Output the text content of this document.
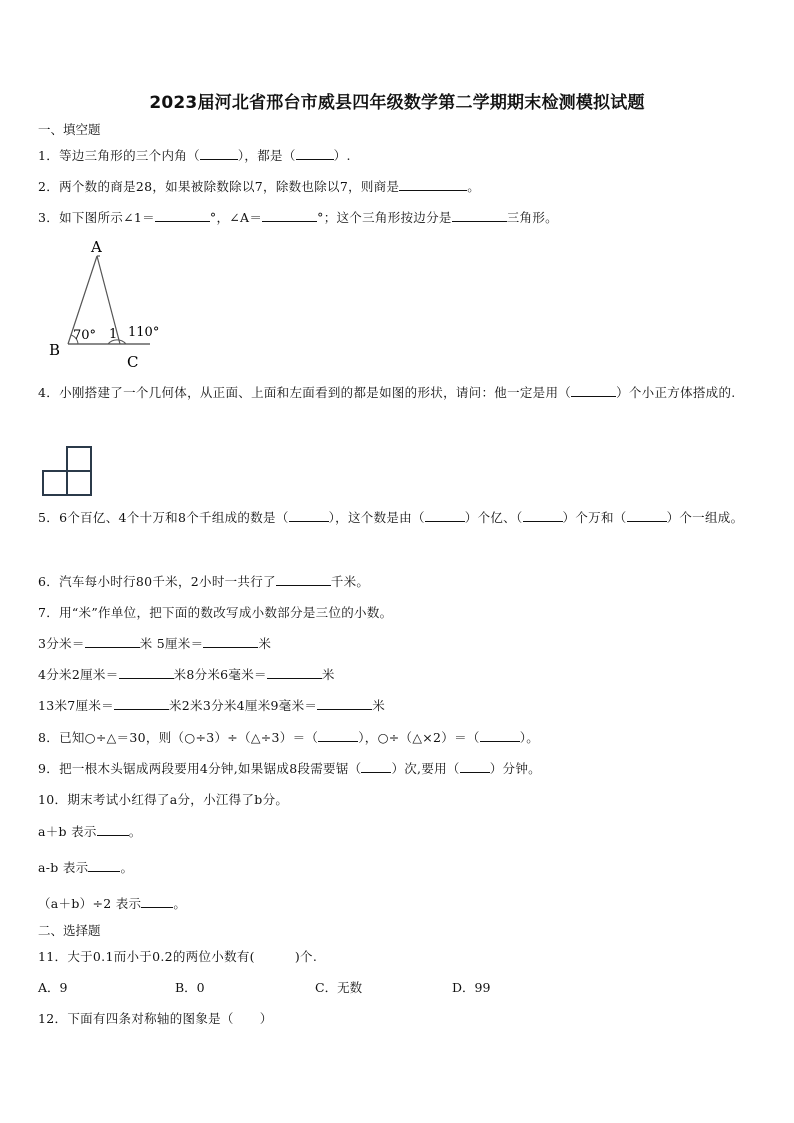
2023届河北省邢台市威县四年级数学第二学期期末检测模拟试题
一、填空题
1．等边三角形的三个内角（	），都是（	）.
2．两个数的商是28，如果被除数除以7，除数也除以7，则商是	。
3．如下图所示∠1＝	°，∠A＝	°；这个三角形按边分是	三角形。
A
B
C
70° 1 110°
4．小刚搭建了一个几何体，从正面、上面和左面看到的都是如图的形状，请问：他一定是用（	）个小正方体搭成的.
5．6个百亿、4个十万和8个千组成的数是（	），这个数是由（	）个亿、（	）个万和（	）个一组成。
6．汽车每小时行80千米，2小时一共行了	千米。
7．用“米”作单位，把下面的数改写成小数部分是三位的小数。
3分米＝	米 5厘米＝	米
4分米2厘米＝	米8分米6毫米＝	米
13米7厘米＝	米2米3分米4厘米9毫米＝	米
8．已知○÷△＝30，则（○÷3）÷（△÷3）＝（	），○÷（△×2）＝（	）。
9．把一根木头锯成两段要用4分钟,如果锯成8段需要锯（ ）次,要用（ ）分钟。
10．期末考试小红得了a分，小江得了b分。
a＋b 表示	。
a-b 表示	。
（a＋b）÷2 表示	。
二、选择题
11．大于0.1而小于0.2的两位小数有(	)个.
A．9	B．0	C．无数	D．99
12．下面有四条对称轴的图象是（ ）
